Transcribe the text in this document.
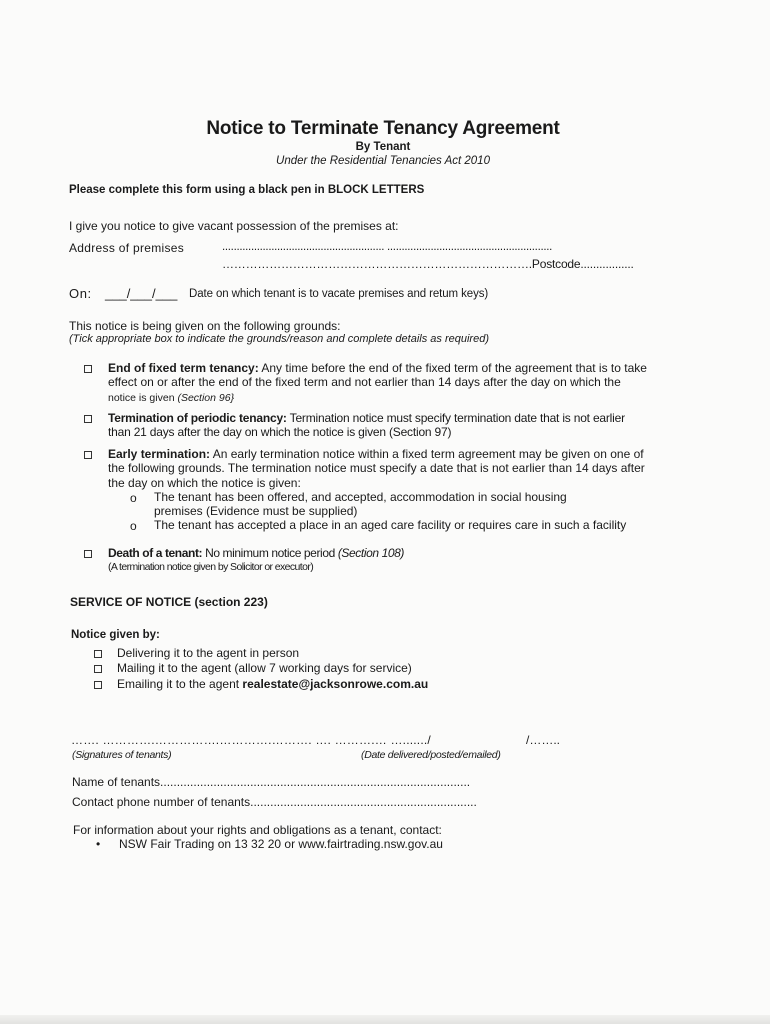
Notice to Terminate Tenancy Agreement
By Tenant
Under the Residential Tenancies Act 2010
Please complete this form using a black pen in BLOCK LETTERS
I give you notice to give vacant possession of the premises at:
Address of premises	........................................................ .........................................................
…………………………………………………………………….Postcode.................
On: ___/___/___ Date on which tenant is to vacate premises and retum keys)
This notice is being given on the following grounds:
(Tick appropriate box to indicate the grounds/reason and complete details as required)
End of fixed term tenancy: Any time before the end of the fixed term of the agreement that is to take
effect on or after the end of the fixed term and not earlier than 14 days after the day on which the
notice is given (Section 96}
Termination of periodic tenancy: Termination notice must specify termination date that is not earlier
than 21 days after the day on which the notice is given (Section 97)
Early termination: An early termination notice within a fixed term agreement may be given on one of
the following grounds. The termination notice must specify a date that is not earlier than 14 days after
the day on which the notice is given:
o The tenant has been offered, and accepted, accommodation in social housing
premises (Evidence must be supplied)
o The tenant has accepted a place in an aged care facility or requires care in such a facility
Death of a tenant: No minimum notice period (Section 108)
(A termination notice given by Solicitor or executor)
SERVICE OF NOTICE (section 223)
Notice given by:
Delivering it to the agent in person
Mailing it to the agent (allow 7 working days for service)
Emailing it to the agent realestate@jacksonrowe.com.au
……. ………….…………….………….………. …. ……….… …......./	/……..
(Signatures of tenants)	(Date delivered/posted/emailed)
Name of tenants.............................................................................................
Contact phone number of tenants....................................................................
For information about your rights and obligations as a tenant, contact:
• NSW Fair Trading on 13 32 20 or www.fairtrading.nsw.gov.au
